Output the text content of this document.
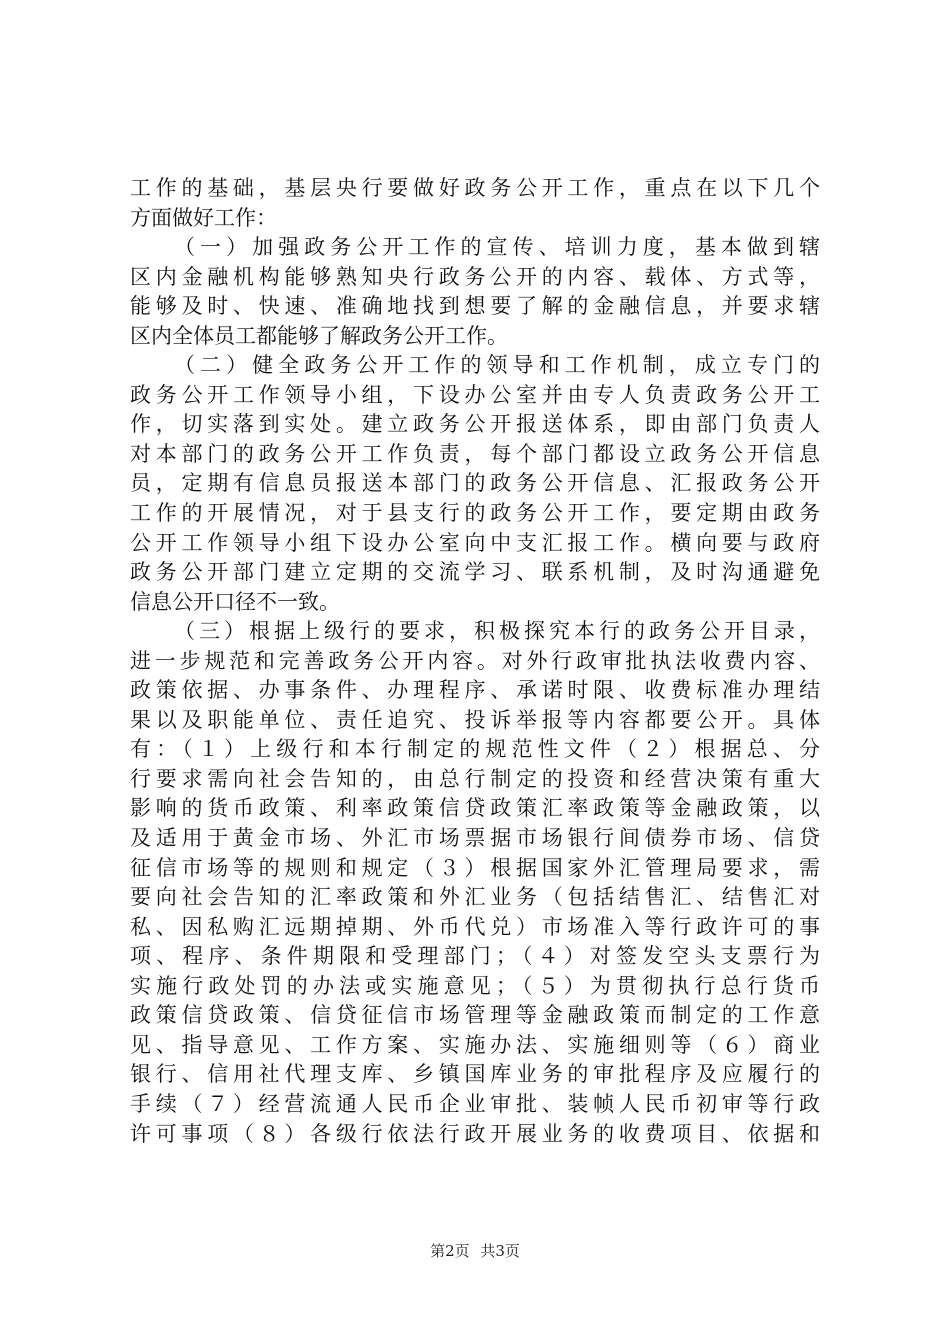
工作的基础，基层央行要做好政务公开工作，重点在以下几个
方面做好工作：
（一）加强政务公开工作的宣传、培训力度，基本做到辖
区内金融机构能够熟知央行政务公开的内容、载体、方式等，
能够及时、快速、准确地找到想要了解的金融信息，并要求辖
区内全体员工都能够了解政务公开工作。
（二）健全政务公开工作的领导和工作机制，成立专门的
政务公开工作领导小组，下设办公室并由专人负责政务公开工
作，切实落到实处。建立政务公开报送体系，即由部门负责人
对本部门的政务公开工作负责，每个部门都设立政务公开信息
员，定期有信息员报送本部门的政务公开信息、汇报政务公开
工作的开展情况，对于县支行的政务公开工作，要定期由政务
公开工作领导小组下设办公室向中支汇报工作。横向要与政府
政务公开部门建立定期的交流学习、联系机制，及时沟通避免
信息公开口径不一致。
（三）根据上级行的要求，积极探究本行的政务公开目录，
进一步规范和完善政务公开内容。对外行政审批执法收费内容、
政策依据、办事条件、办理程序、承诺时限、收费标准办理结
果以及职能单位、责任追究、投诉举报等内容都要公开。具体
有：（１）上级行和本行制定的规范性文件（２）根据总、分
行要求需向社会告知的，由总行制定的投资和经营决策有重大
影响的货币政策、利率政策信贷政策汇率政策等金融政策，以
及适用于黄金市场、外汇市场票据市场银行间债券市场、信贷
征信市场等的规则和规定（３）根据国家外汇管理局要求，需
要向社会告知的汇率政策和外汇业务（包括结售汇、结售汇对
私、因私购汇远期掉期、外币代兑）市场准入等行政许可的事
项、程序、条件期限和受理部门；（４）对签发空头支票行为
实施行政处罚的办法或实施意见；（５）为贯彻执行总行货币
政策信贷政策、信贷征信市场管理等金融政策而制定的工作意
见、指导意见、工作方案、实施办法、实施细则等（６）商业
银行、信用社代理支库、乡镇国库业务的审批程序及应履行的
手续（７）经营流通人民币企业审批、装帧人民币初审等行政
许可事项（８）各级行依法行政开展业务的收费项目、依据和
第2页 共3页
